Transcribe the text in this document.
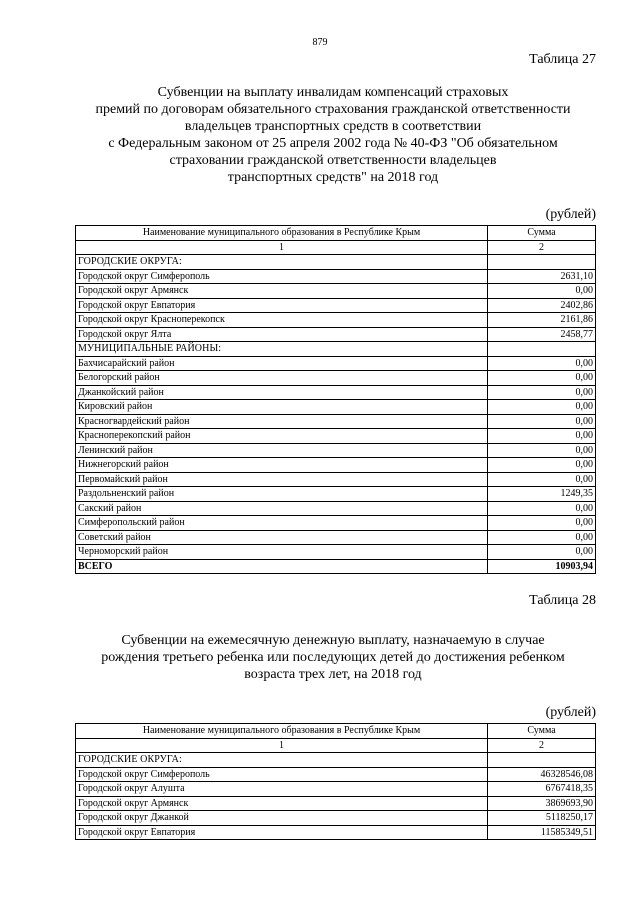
879
Таблица 27
Субвенции на выплату инвалидам компенсаций страховых
премий по договорам обязательного страхования гражданской ответственности
владельцев транспортных средств в соответствии
с Федеральным законом от 25 апреля 2002 года № 40-ФЗ "Об обязательном
страховании гражданской ответственности владельцев
транспортных средств" на 2018 год
(рублей)
Наименование муниципального образования в Республике Крым	Сумма
1	2
ГОРОДСКИЕ ОКРУГА:	
Городской округ Симферополь	2631,10
Городской округ Армянск	0,00
Городской округ Евпатория	2402,86
Городской округ Красноперекопск	2161,86
Городской округ Ялта	2458,77
МУНИЦИПАЛЬНЫЕ РАЙОНЫ:	
Бахчисарайский район	0,00
Белогорский район	0,00
Джанкойский район	0,00
Кировский район	0,00
Красногвардейский район	0,00
Красноперекопский район	0,00
Ленинский район	0,00
Нижнегорский район	0,00
Первомайский район	0,00
Раздольненский район	1249,35
Сакский район	0,00
Симферопольский район	0,00
Советский район	0,00
Черноморский район	0,00
ВСЕГО	10903,94
Таблица 28
Субвенции на ежемесячную денежную выплату, назначаемую в случае
рождения третьего ребенка или последующих детей до достижения ребенком
возраста трех лет, на 2018 год
(рублей)
Наименование муниципального образования в Республике Крым	Сумма
1	2
ГОРОДСКИЕ ОКРУГА:	
Городской округ Симферополь	46328546,08
Городской округ Алушта	6767418,35
Городской округ Армянск	3869693,90
Городской округ Джанкой	5118250,17
Городской округ Евпатория	11585349,51
